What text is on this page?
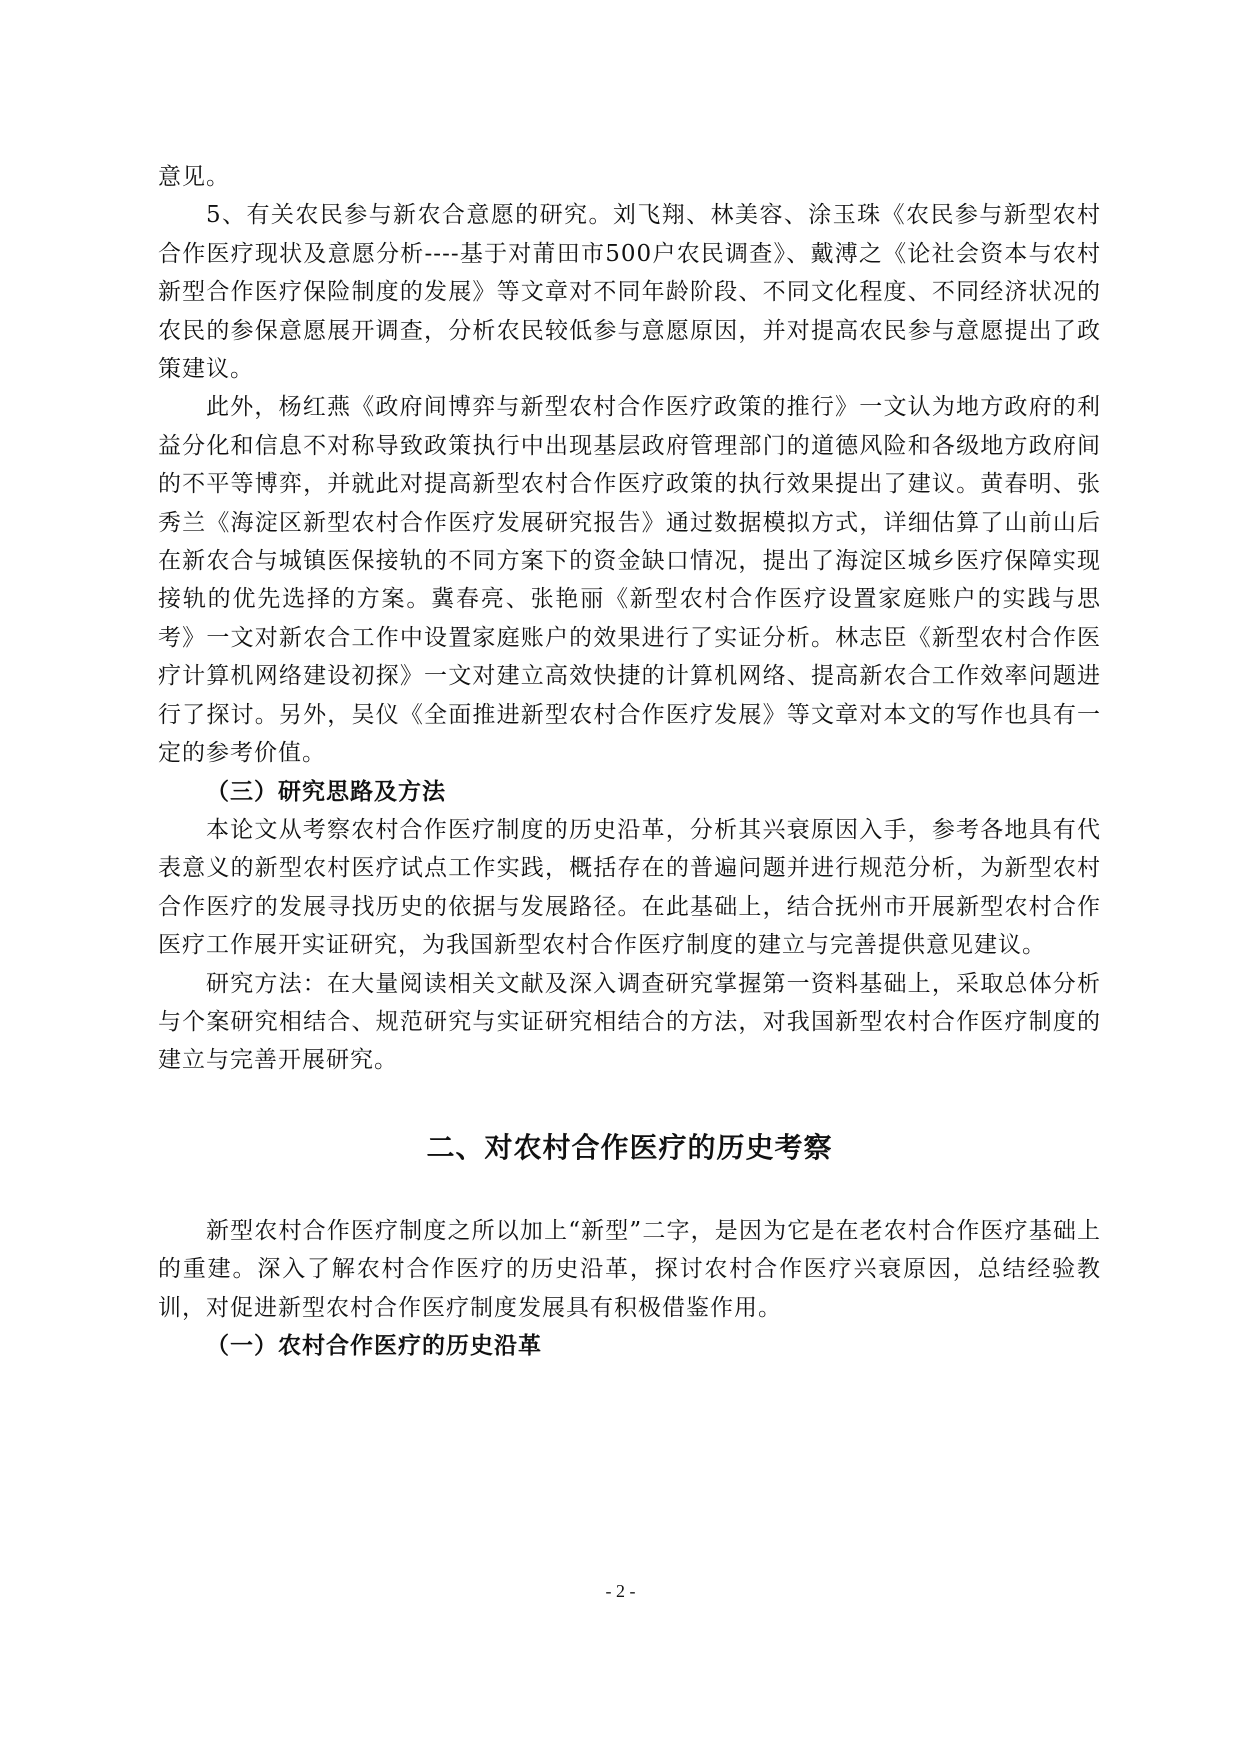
意见。

5、有关农民参与新农合意愿的研究。刘飞翔、林美容、涂玉珠《农民参与新型农村合作医疗现状及意愿分析----基于对莆田市500户农民调查》、戴溥之《论社会资本与农村新型合作医疗保险制度的发展》等文章对不同年龄阶段、不同文化程度、不同经济状况的农民的参保意愿展开调查，分析农民较低参与意愿原因，并对提高农民参与意愿提出了政策建议。

此外，杨红燕《政府间博弈与新型农村合作医疗政策的推行》一文认为地方政府的利益分化和信息不对称导致政策执行中出现基层政府管理部门的道德风险和各级地方政府间的不平等博弈，并就此对提高新型农村合作医疗政策的执行效果提出了建议。黄春明、张秀兰《海淀区新型农村合作医疗发展研究报告》通过数据模拟方式，详细估算了山前山后在新农合与城镇医保接轨的不同方案下的资金缺口情况，提出了海淀区城乡医疗保障实现接轨的优先选择的方案。冀春亮、张艳丽《新型农村合作医疗设置家庭账户的实践与思考》一文对新农合工作中设置家庭账户的效果进行了实证分析。林志臣《新型农村合作医疗计算机网络建设初探》一文对建立高效快捷的计算机网络、提高新农合工作效率问题进行了探讨。另外，吴仪《全面推进新型农村合作医疗发展》等文章对本文的写作也具有一定的参考价值。

（三）研究思路及方法

本论文从考察农村合作医疗制度的历史沿革，分析其兴衰原因入手，参考各地具有代表意义的新型农村医疗试点工作实践，概括存在的普遍问题并进行规范分析，为新型农村合作医疗的发展寻找历史的依据与发展路径。在此基础上，结合抚州市开展新型农村合作医疗工作展开实证研究，为我国新型农村合作医疗制度的建立与完善提供意见建议。

研究方法：在大量阅读相关文献及深入调查研究掌握第一资料基础上，采取总体分析与个案研究相结合、规范研究与实证研究相结合的方法，对我国新型农村合作医疗制度的建立与完善开展研究。

二、对农村合作医疗的历史考察

新型农村合作医疗制度之所以加上“新型”二字，是因为它是在老农村合作医疗基础上的重建。深入了解农村合作医疗的历史沿革，探讨农村合作医疗兴衰原因，总结经验教训，对促进新型农村合作医疗制度发展具有积极借鉴作用。

（一）农村合作医疗的历史沿革

- 2 -
